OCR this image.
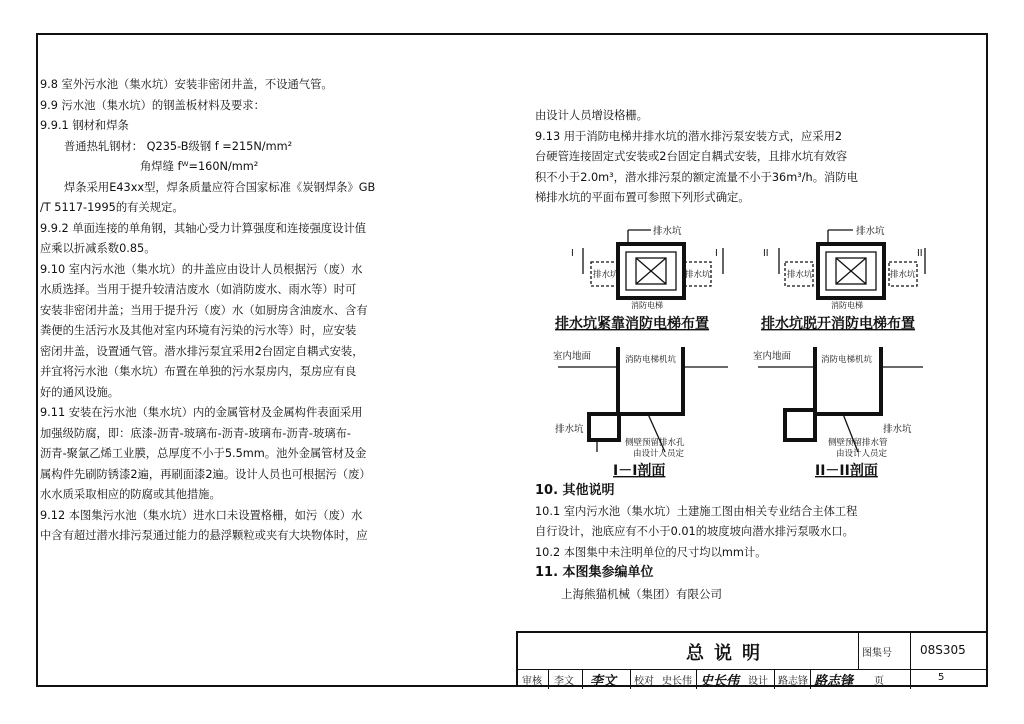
9.8 室外污水池（集水坑）安装非密闭井盖，不设通气管。

9.9 污水池（集水坑）的钢盖板材料及要求：

9.9.1 钢材和焊条

普通热轧钢材： Q235-B级钢 f =215N/mm²

角焊缝 fᵂ=160N/mm²

焊条采用E43xx型，焊条质量应符合国家标准《炭钢焊条》GB

/T 5117-1995的有关规定。

9.9.2 单面连接的单角钢，其轴心受力计算强度和连接强度设计值

应乘以折减系数0.85。

9.10 室内污水池（集水坑）的井盖应由设计人员根据污（废）水

水质选择。当用于提升较清洁废水（如消防废水、雨水等）时可

安装非密闭井盖；当用于提升污（废）水（如厨房含油废水、含有

粪便的生活污水及其他对室内环境有污染的污水等）时，应安装

密闭井盖，设置通气管。潜水排污泵宜采用2台固定自耦式安装，

并宜将污水池（集水坑）布置在单独的污水泵房内，泵房应有良

好的通风设施。

9.11 安装在污水池（集水坑）内的金属管材及金属构件表面采用

加强级防腐，即：底漆-沥青-玻璃布-沥青-玻璃布-沥青-玻璃布-

沥青-聚氯乙烯工业膜，总厚度不小于5.5mm。池外金属管材及金

属构件先刷防锈漆2遍，再刷面漆2遍。设计人员也可根据污（废）

水水质采取相应的防腐或其他措施。

9.12 本图集污水池（集水坑）进水口未设置格栅，如污（废）水

中含有超过潜水排污泵通过能力的悬浮颗粒或夹有大块物体时，应

由设计人员增设格栅。

9.13 用于消防电梯井排水坑的潜水排污泵安装方式，应采用2

台硬管连接固定式安装或2台固定自耦式安装，且排水坑有效容

积不小于2.0m³，潜水排污泵的额定流量不小于36m³/h。消防电

梯排水坑的平面布置可参照下列形式确定。

I	I
排水坑
排水坑	排水坑
消防电梯
II	II
排水坑
排水坑	排水坑
消防电梯
排水坑紧靠消防电梯布置	排水坑脱开消防电梯布置
室内地面	室内地面
消防电梯机坑	消防电梯机坑
排水坑	排水坑
侧壁预留排水孔
由设计人员定
侧壁预留排水管
由设计人员定
I－I剖面	II－II剖面

10. 其他说明

10.1 室内污水池（集水坑）土建施工图由相关专业结合主体工程

自行设计，池底应有不小于0.01的坡度坡向潜水排污泵吸水口。

10.2 本图集中未注明单位的尺寸均以mm计。

11. 本图集参编单位

上海熊猫机械（集团）有限公司

总说明	图集号 08S305
审核 李文 李文 校对 史长伟 史长伟 设计 路志锋 路志锋 页	5
